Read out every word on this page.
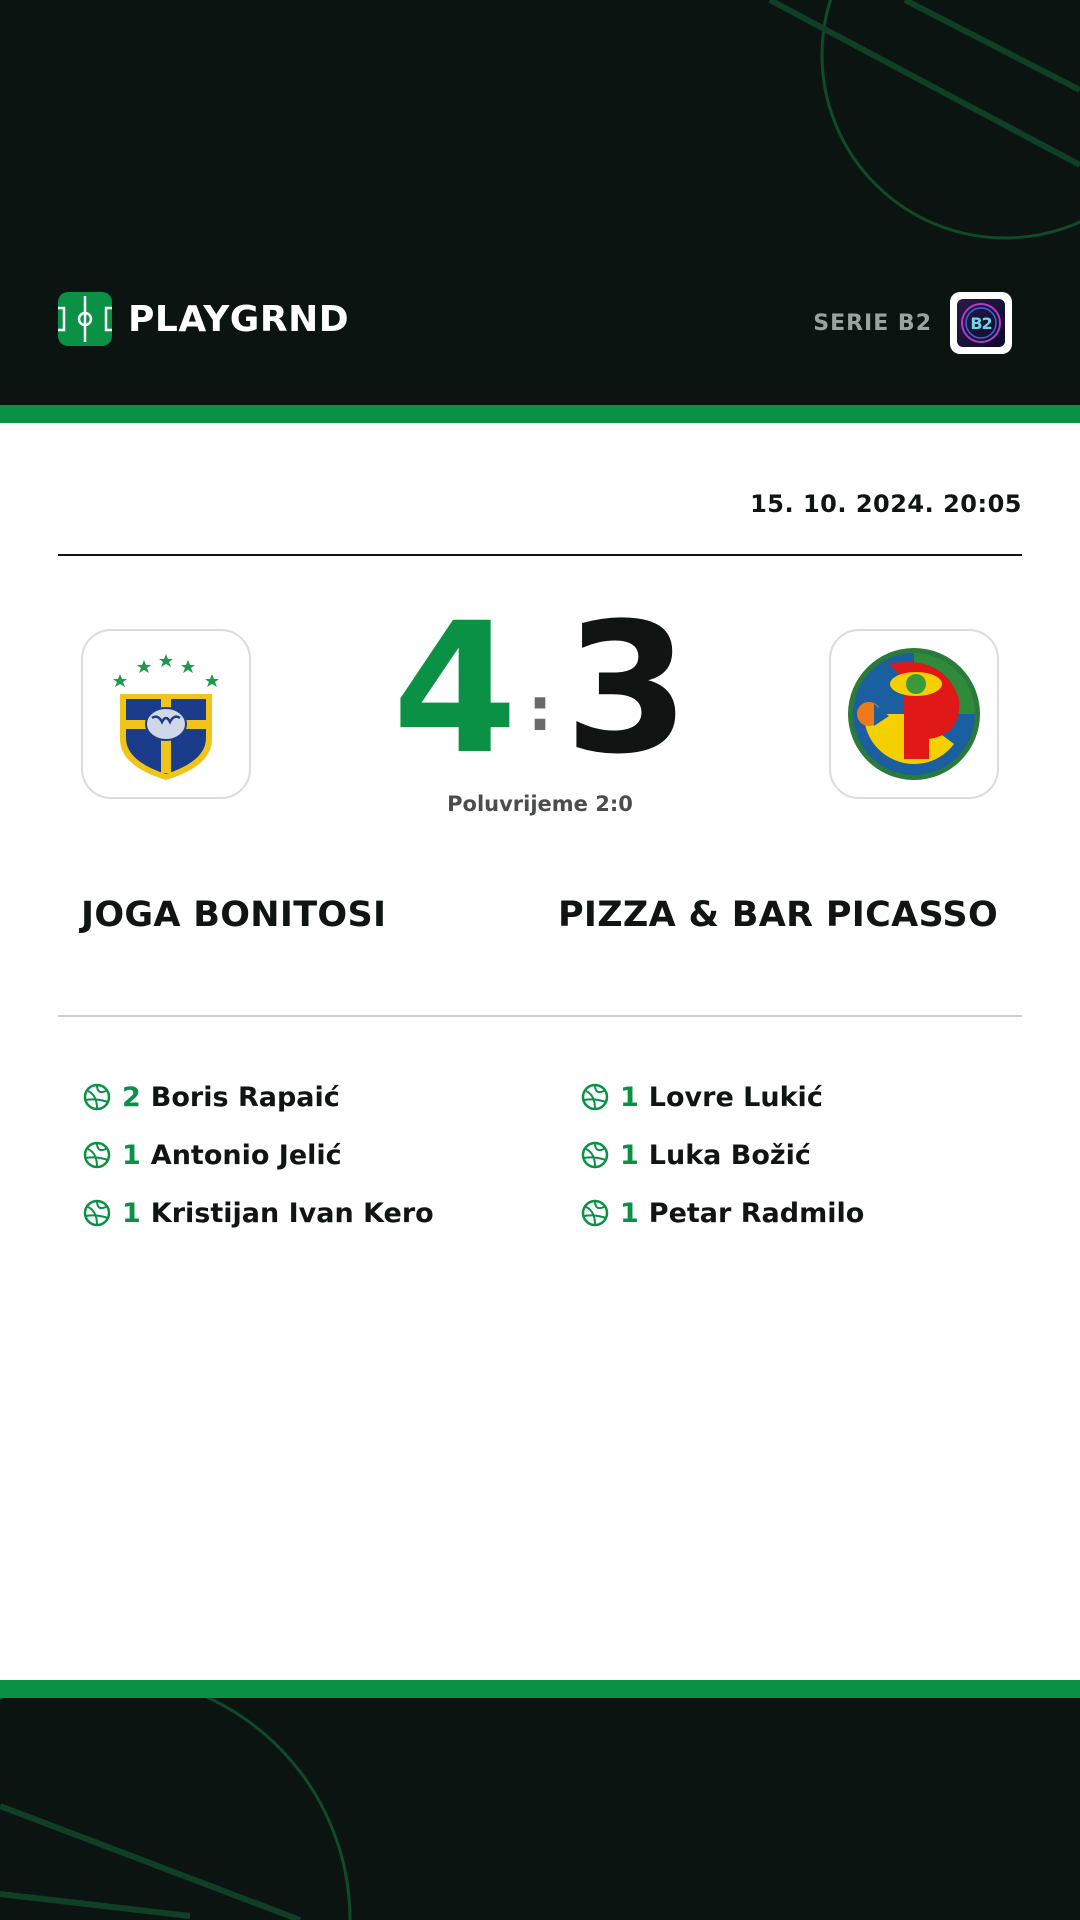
PLAYGRND	SERIE B2 B2
15. 10. 2024. 20:05
4 : 3
Poluvrijeme 2:0
JOGA BONITOSI	PIZZA & BAR PICASSO
2 Boris Rapaić
1 Antonio Jelić
1 Kristijan Ivan Kero
1 Lovre Lukić
1 Luka Božić
1 Petar Radmilo
